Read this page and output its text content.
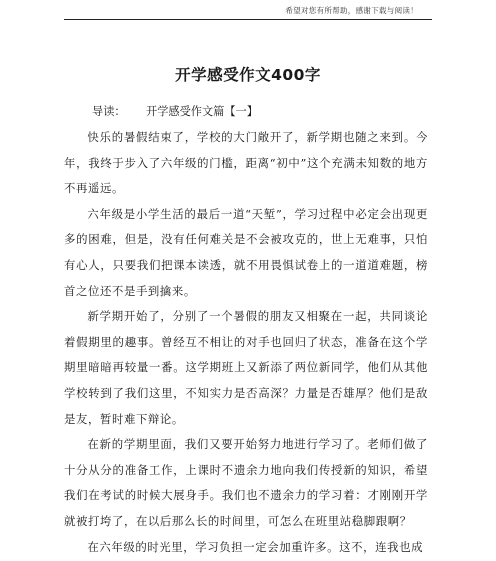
希望对您有所帮助，感谢下载与阅读！
开学感受作文400字
导读： 开学感受作文篇【一】

快乐的暑假结束了，学校的大门敞开了，新学期也随之来到。今年，我终于步入了六年级的门槛，距离“初中”这个充满未知数的地方不再遥远。

六年级是小学生活的最后一道“天堑”，学习过程中必定会出现更多的困难，但是，没有任何难关是不会被攻克的，世上无难事，只怕有心人，只要我们把课本读透，就不用畏惧试卷上的一道道难题，榜首之位还不是手到擒来。

新学期开始了，分别了一个暑假的朋友又相聚在一起，共同谈论着假期里的趣事。曾经互不相让的对手也回归了状态，准备在这个学期里暗暗再较量一番。这学期班上又新添了两位新同学，他们从其他学校转到了我们这里，不知实力是否高深？力量是否雄厚？他们是敌是友，暂时难下辩论。

在新的学期里面，我们又要开始努力地进行学习了。老师们做了十分从分的准备工作，上课时不遗余力地向我们传授新的知识，希望我们在考试的时候大展身手。我们也不遗余力的学习着：才刚刚开学就被打垮了，在以后那么长的时间里，可怎么在班里站稳脚跟啊？

在六年级的时光里，学习负担一定会加重许多。这不，连我也成
